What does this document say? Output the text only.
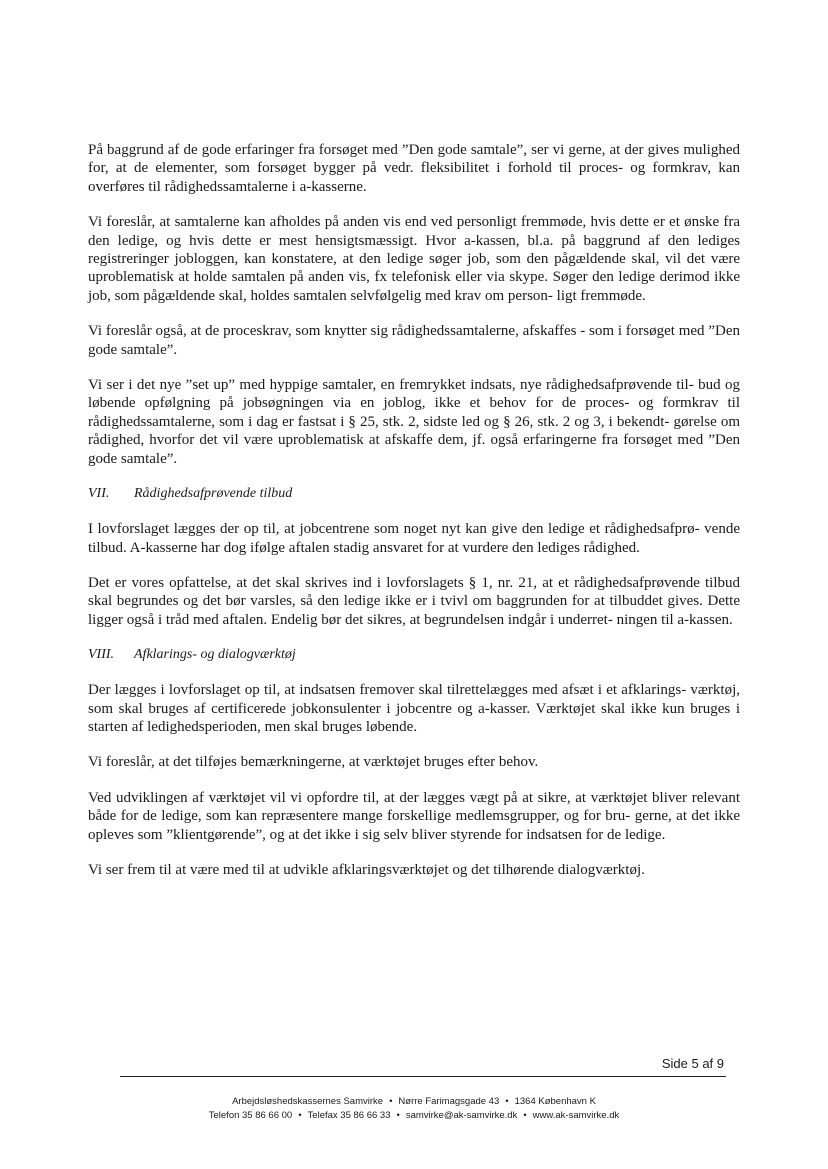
På baggrund af de gode erfaringer fra forsøget med ”Den gode samtale”, ser vi gerne, at der gives mulighed for, at de elementer, som forsøget bygger på vedr. fleksibilitet i forhold til proces- og formkrav, kan overføres til rådighedssamtalerne i a-kasserne.

Vi foreslår, at samtalerne kan afholdes på anden vis end ved personligt fremmøde, hvis dette er et ønske fra den ledige, og hvis dette er mest hensigtsmæssigt. Hvor a-kassen, bl.a. på baggrund af den lediges registreringer jobloggen, kan konstatere, at den ledige søger job, som den pågældende skal, vil det være uproblematisk at holde samtalen på anden vis, fx telefonisk eller via skype. Søger den ledige derimod ikke job, som pågældende skal, holdes samtalen selvfølgelig med krav om person- ligt fremmøde.

Vi foreslår også, at de proceskrav, som knytter sig rådighedssamtalerne, afskaffes - som i forsøget med ”Den gode samtale”.

Vi ser i det nye ”set up” med hyppige samtaler, en fremrykket indsats, nye rådighedsafprøvende til- bud og løbende opfølgning på jobsøgningen via en joblog, ikke et behov for de proces- og formkrav til rådighedssamtalerne, som i dag er fastsat i § 25, stk. 2, sidste led og § 26, stk. 2 og 3, i bekendt- gørelse om rådighed, hvorfor det vil være uproblematisk at afskaffe dem, jf. også erfaringerne fra forsøget med ”Den gode samtale”.

VII. Rådighedsafprøvende tilbud

I lovforslaget lægges der op til, at jobcentrene som noget nyt kan give den ledige et rådighedsafprø- vende tilbud. A-kasserne har dog ifølge aftalen stadig ansvaret for at vurdere den lediges rådighed.

Det er vores opfattelse, at det skal skrives ind i lovforslagets § 1, nr. 21, at et rådighedsafprøvende tilbud skal begrundes og det bør varsles, så den ledige ikke er i tvivl om baggrunden for at tilbuddet gives. Dette ligger også i tråd med aftalen. Endelig bør det sikres, at begrundelsen indgår i underret- ningen til a-kassen.

VIII. Afklarings- og dialogværktøj

Der lægges i lovforslaget op til, at indsatsen fremover skal tilrettelægges med afsæt i et afklarings- værktøj, som skal bruges af certificerede jobkonsulenter i jobcentre og a-kasser. Værktøjet skal ikke kun bruges i starten af ledighedsperioden, men skal bruges løbende.

Vi foreslår, at det tilføjes bemærkningerne, at værktøjet bruges efter behov.

Ved udviklingen af værktøjet vil vi opfordre til, at der lægges vægt på at sikre, at værktøjet bliver relevant både for de ledige, som kan repræsentere mange forskellige medlemsgrupper, og for bru- gerne, at det ikke opleves som ”klientgørende”, og at det ikke i sig selv bliver styrende for indsatsen for de ledige.

Vi ser frem til at være med til at udvikle afklaringsværktøjet og det tilhørende dialogværktøj.

Side 5 af 9
Arbejdsløshedskassernes Samvirke • Nørre Farimagsgade 43 • 1364 København K
Telefon 35 86 66 00 • Telefax 35 86 66 33 • samvirke@ak-samvirke.dk • www.ak-samvirke.dk
